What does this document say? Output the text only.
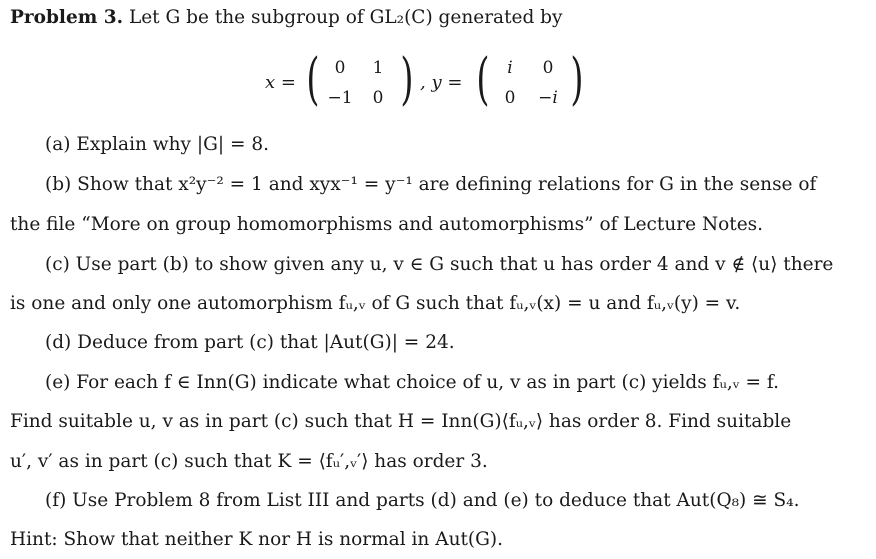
Problem 3. Let G be the subgroup of GL₂(C) generated by
x = ( 0	1
−1	0 ) , y = (	i	0
0	−i )
(a) Explain why |G| = 8.
(b) Show that x²y⁻² = 1 and xyx⁻¹ = y⁻¹ are defining relations for G in the sense of
the file “More on group homomorphisms and automorphisms” of Lecture Notes.
(c) Use part (b) to show given any u, v ∈ G such that u has order 4 and v ∉ ⟨u⟩ there
is one and only one automorphism fᵤ,ᵥ of G such that fᵤ,ᵥ(x) = u and fᵤ,ᵥ(y) = v.
(d) Deduce from part (c) that |Aut(G)| = 24.
(e) For each f ∈ Inn(G) indicate what choice of u, v as in part (c) yields fᵤ,ᵥ = f.
Find suitable u, v as in part (c) such that H = Inn(G)⟨fᵤ,ᵥ⟩ has order 8. Find suitable
u′, v′ as in part (c) such that K = ⟨fᵤ′,ᵥ′⟩ has order 3.
(f) Use Problem 8 from List III and parts (d) and (e) to deduce that Aut(Q₈) ≅ S₄.
Hint: Show that neither K nor H is normal in Aut(G).
